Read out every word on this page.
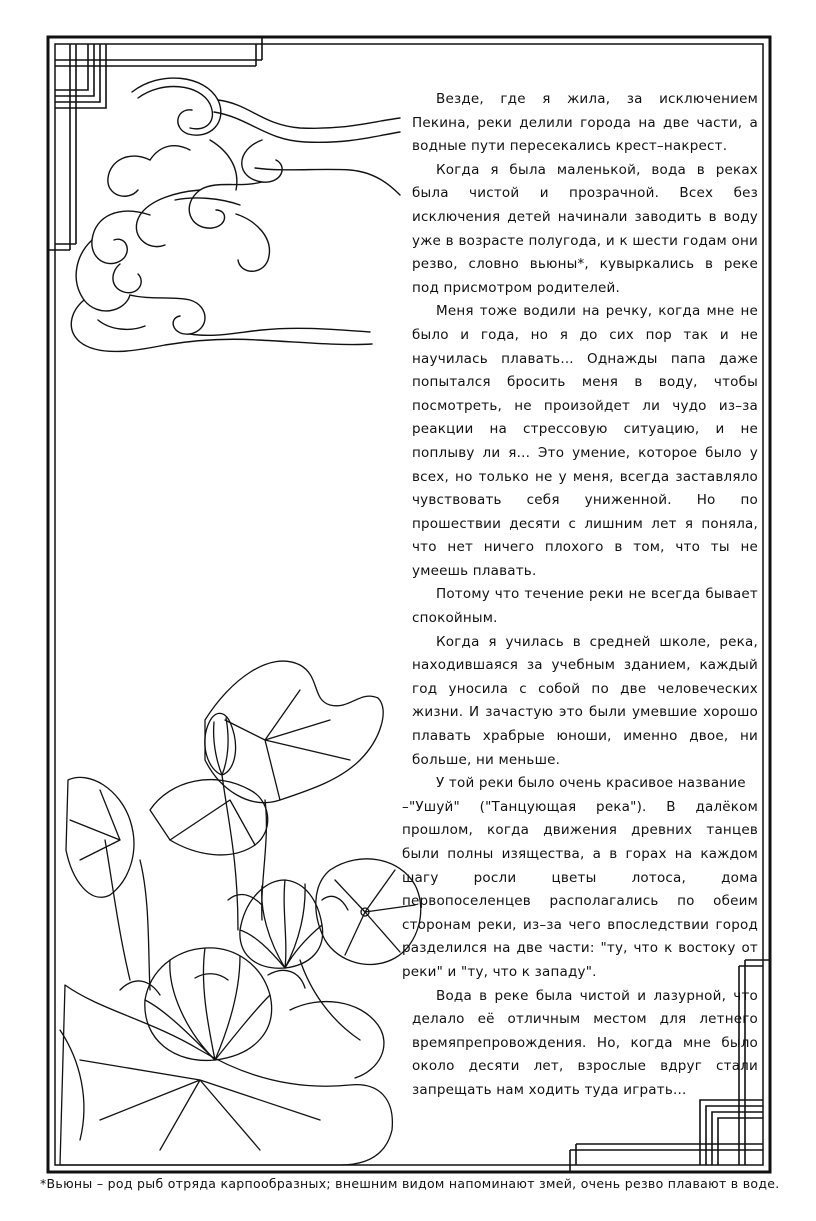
Везде, где я жила, за исключением Пекина, реки делили города на две части, а водные пути пересекались крест–накрест.

Когда я была маленькой, вода в реках была чистой и прозрачной. Всех без исключения детей начинали заводить в воду уже в возрасте полугода, и к шести годам они резво, словно вьюны*, кувыркались в реке под присмотром родителей.

Меня тоже водили на речку, когда мне не было и года, но я до сих пор так и не научилась плавать... Однажды папа даже попытался бросить меня в воду, чтобы посмотреть, не произойдет ли чудо из–за реакции на стрессовую ситуацию, и не поплыву ли я... Это умение, которое было у всех, но только не у меня, всегда заставляло чувствовать себя униженной. Но по прошествии десяти с лишним лет я поняла, что нет ничего плохого в том, что ты не умеешь плавать.

Потому что течение реки не всегда бывает спокойным.

Когда я училась в средней школе, река, находившаяся за учебным зданием, каждый год уносила с собой по две человеческих жизни. И зачастую это были умевшие хорошо плавать храбрые юноши, именно двое, ни больше, ни меньше.

У той реки было очень красивое название

–"Ушуй" ("Танцующая река"). В далёком прошлом, когда движения древних танцев были полны изящества, а в горах на каждом шагу росли цветы лотоса, дома первопоселенцев располагались по обеим сторонам реки, из–за чего впоследствии город разделился на две части: "ту, что к востоку от реки" и "ту, что к западу".

Вода в реке была чистой и лазурной, что делало её отличным местом для летнего времяпрепровождения. Но, когда мне было около десяти лет, взрослые вдруг стали запрещать нам ходить туда играть...

*Вьюны – род рыб отряда карпообразных; внешним видом напоминают змей, очень резво плавают в воде.
